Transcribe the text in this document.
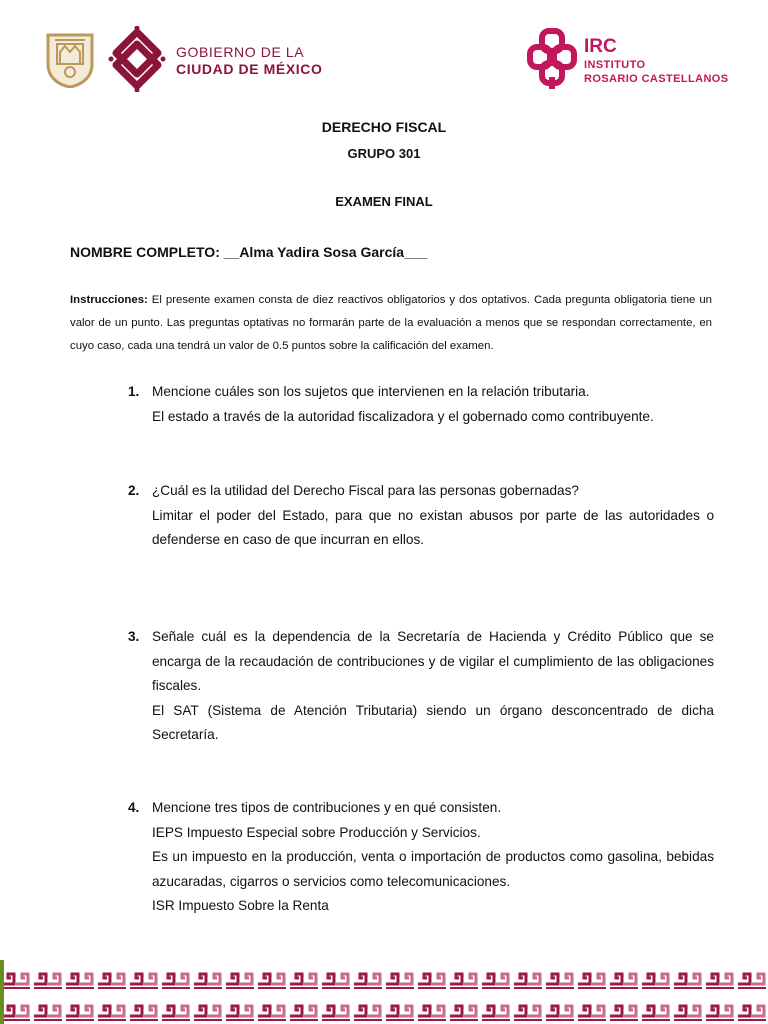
GOBIERNO DE LA
CIUDAD DE MÉXICO
IRC
INSTITUTO
ROSARIO CASTELLANOS
DERECHO FISCAL
GRUPO 301
EXAMEN FINAL
NOMBRE COMPLETO: __Alma Yadira Sosa García___
Instrucciones: El presente examen consta de diez reactivos obligatorios y dos optativos. Cada pregunta obligatoria tiene un valor de un punto. Las preguntas optativas no formarán parte de la evaluación a menos que se respondan correctamente, en cuyo caso, cada una tendrá un valor de 0.5 puntos sobre la calificación del examen.
1. Mencione cuáles son los sujetos que intervienen en la relación tributaria.
El estado a través de la autoridad fiscalizadora y el gobernado como contribuyente.
2. ¿Cuál es la utilidad del Derecho Fiscal para las personas gobernadas?
Limitar el poder del Estado, para que no existan abusos por parte de las autoridades o defenderse en caso de que incurran en ellos.
3. Señale cuál es la dependencia de la Secretaría de Hacienda y Crédito Público que se encarga de la recaudación de contribuciones y de vigilar el cumplimiento de las obligaciones fiscales.
El SAT (Sistema de Atención Tributaria) siendo un órgano desconcentrado de dicha Secretaría.
4. Mencione tres tipos de contribuciones y en qué consisten.
IEPS Impuesto Especial sobre Producción y Servicios.
Es un impuesto en la producción, venta o importación de productos como gasolina, bebidas azucaradas, cigarros o servicios como telecomunicaciones.
ISR Impuesto Sobre la Renta
